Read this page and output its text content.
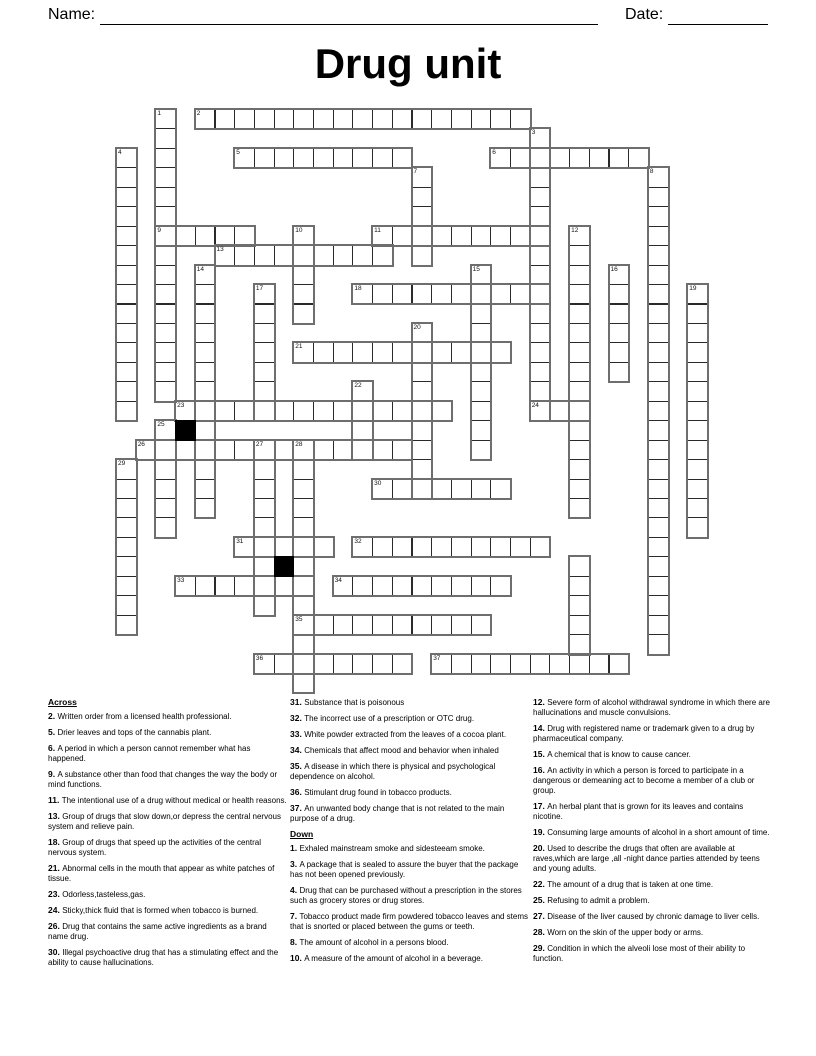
Name:	Date:
Drug unit
1	2
3
4	5	6
7	8
9	10	11	12
13
14	15	16
17	18	19
20
21
22
23	24
25
26	27	28
29
30
31	32
33	34
35
36	37
Across
2. Written order from a licensed health professional.
5. Drier leaves and tops of the cannabis plant.
6. A period in which a person cannot remember what has happened.
9. A substance other than food that changes the way the body or mind functions.
11. The intentional use of a drug without medical or health reasons.
13. Group of drugs that slow down,or depress the central nervous system and relieve pain.
18. Group of drugs that speed up the activities of the central nervous system.
21. Abnormal cells in the mouth that appear as white patches of tissue.
23. Odorless,tasteless,gas.
24. Sticky,thick fluid that is formed when tobacco is burned.
26. Drug that contains the same active ingredients as a brand name drug.
30. Illegal psychoactive drug that has a stimulating effect and the ability to cause hallucinations.
31. Substance that is poisonous
32. The incorrect use of a prescription or OTC drug.
33. White powder extracted from the leaves of a cocoa plant.
34. Chemicals that affect mood and behavior when inhaled
35. A disease in which there is physical and psychological dependence on alcohol.
36. Stimulant drug found in tobacco products.
37. An unwanted body change that is not related to the main purpose of a drug.
Down
1. Exhaled mainstream smoke and sidesteeam smoke.
3. A package that is sealed to assure the buyer that the package has not been opened previously.
4. Drug that can be purchased without a prescription in the stores such as grocery stores or drug stores.
7. Tobacco product made firm powdered tobacco leaves and stems that is snorted or placed between the gums or teeth.
8. The amount of alcohol in a persons blood.
10. A measure of the amount of alcohol in a beverage.
12. Severe form of alcohol withdrawal syndrome in which there are hallucinations and muscle convulsions.
14. Drug with registered name or trademark given to a drug by pharmaceutical company.
15. A chemical that is know to cause cancer.
16. An activity in which a person is forced to participate in a dangerous or demeaning act to become a member of a club or group.
17. An herbal plant that is grown for its leaves and contains nicotine.
19. Consuming large amounts of alcohol in a short amount of time.
20. Used to describe the drugs that often are available at raves,which are large ,all -night dance parties attended by teens and young adults.
22. The amount of a drug that is taken at one time.
25. Refusing to admit a problem.
27. Disease of the liver caused by chronic damage to liver cells.
28. Worn on the skin of the upper body or arms.
29. Condition in which the alveoli lose most of their ability to function.
